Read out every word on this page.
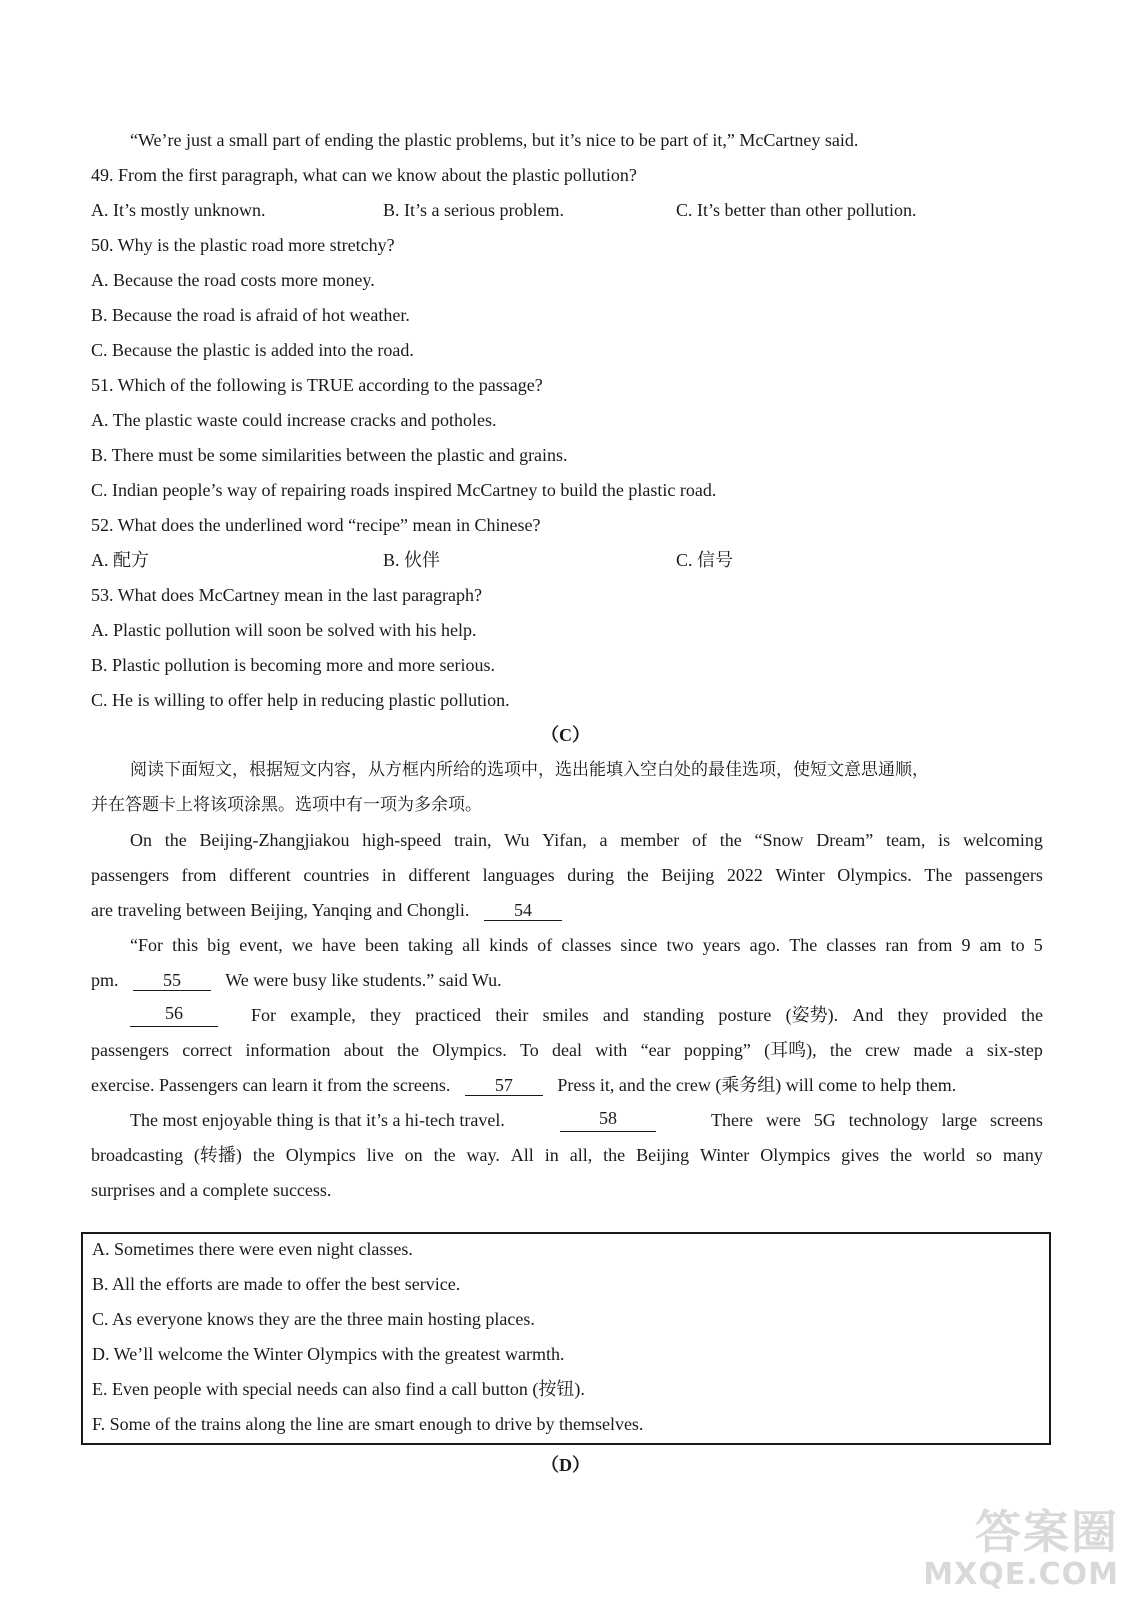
“We’re just a small part of ending the plastic problems, but it’s nice to be part of it,” McCartney said.
49. From the first paragraph, what can we know about the plastic pollution?
A. It’s mostly unknown.	B. It’s a serious problem.	C. It’s better than other pollution.
50. Why is the plastic road more stretchy?
A. Because the road costs more money.
B. Because the road is afraid of hot weather.
C. Because the plastic is added into the road.
51. Which of the following is TRUE according to the passage?
A. The plastic waste could increase cracks and potholes.
B. There must be some similarities between the plastic and grains.
C. Indian people’s way of repairing roads inspired McCartney to build the plastic road.
52. What does the underlined word “recipe” mean in Chinese?
A. 配方	B. 伙伴	C. 信号
53. What does McCartney mean in the last paragraph?
A. Plastic pollution will soon be solved with his help.
B. Plastic pollution is becoming more and more serious.
C. He is willing to offer help in reducing plastic pollution.
（C）
阅读下面短文，根据短文内容，从方框内所给的选项中，选出能填入空白处的最佳选项，使短文意思通顺，
并在答题卡上将该项涂黑。选项中有一项为多余项。
On the Beijing-Zhangjiakou high-speed train, Wu Yifan, a member of the “Snow Dream” team, is welcoming
passengers from different countries in different languages during the Beijing 2022 Winter Olympics. The passengers
are traveling between Beijing, Yanqing and Chongli. 54
“For this big event, we have been taking all kinds of classes since two years ago. The classes ran from 9 am to 5
pm. 55 We were busy like students.” said Wu.
56	For example, they practiced their smiles and standing posture (姿势). And they provided the
passengers correct information about the Olympics. To deal with “ear popping” (耳鸣), the crew made a six-step
exercise. Passengers can learn it from the screens. 57 Press it, and the crew (乘务组) will come to help them.
The most enjoyable thing is that it’s a hi-tech travel.	58	There were 5G technology large screens
broadcasting (转播) the Olympics live on the way. All in all, the Beijing Winter Olympics gives the world so many
surprises and a complete success.
A. Sometimes there were even night classes.
B. All the efforts are made to offer the best service.
C. As everyone knows they are the three main hosting places.
D. We’ll welcome the Winter Olympics with the greatest warmth.
E. Even people with special needs can also find a call button (按钮).
F. Some of the trains along the line are smart enough to drive by themselves.
（D）
答案圈
MXQE.COM
